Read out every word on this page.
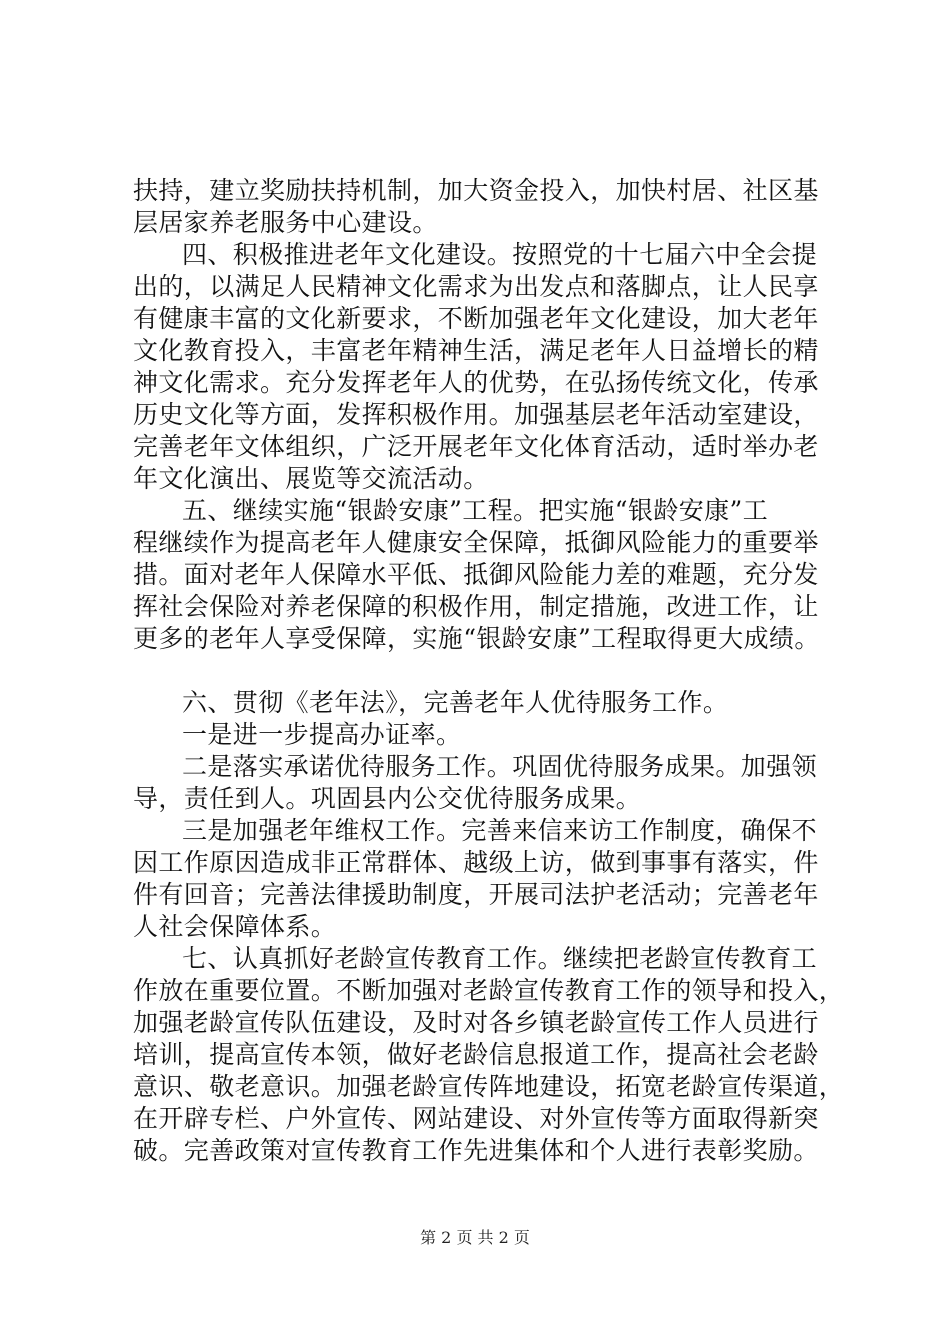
扶持，建立奖励扶持机制，加大资金投入，加快村居、社区基
层居家养老服务中心建设。
四、积极推进老年文化建设。按照党的十七届六中全会提
出的，以满足人民精神文化需求为出发点和落脚点，让人民享
有健康丰富的文化新要求，不断加强老年文化建设，加大老年
文化教育投入，丰富老年精神生活，满足老年人日益增长的精
神文化需求。充分发挥老年人的优势，在弘扬传统文化，传承
历史文化等方面，发挥积极作用。加强基层老年活动室建设，
完善老年文体组织，广泛开展老年文化体育活动，适时举办老
年文化演出、展览等交流活动。
五、继续实施“银龄安康”工程。把实施“银龄安康”工
程继续作为提高老年人健康安全保障，抵御风险能力的重要举
措。面对老年人保障水平低、抵御风险能力差的难题，充分发
挥社会保险对养老保障的积极作用，制定措施，改进工作，让
更多的老年人享受保障，实施“银龄安康”工程取得更大成绩。
六、贯彻《老年法》，完善老年人优待服务工作。
一是进一步提高办证率。
二是落实承诺优待服务工作。巩固优待服务成果。加强领
导，责任到人。巩固县内公交优待服务成果。
三是加强老年维权工作。完善来信来访工作制度，确保不
因工作原因造成非正常群体、越级上访，做到事事有落实，件
件有回音；完善法律援助制度，开展司法护老活动；完善老年
人社会保障体系。
七、认真抓好老龄宣传教育工作。继续把老龄宣传教育工
作放在重要位置。不断加强对老龄宣传教育工作的领导和投入，
加强老龄宣传队伍建设，及时对各乡镇老龄宣传工作人员进行
培训，提高宣传本领，做好老龄信息报道工作，提高社会老龄
意识、敬老意识。加强老龄宣传阵地建设，拓宽老龄宣传渠道，
在开辟专栏、户外宣传、网站建设、对外宣传等方面取得新突
破。完善政策对宣传教育工作先进集体和个人进行表彰奖励。
第 2 页 共 2 页
